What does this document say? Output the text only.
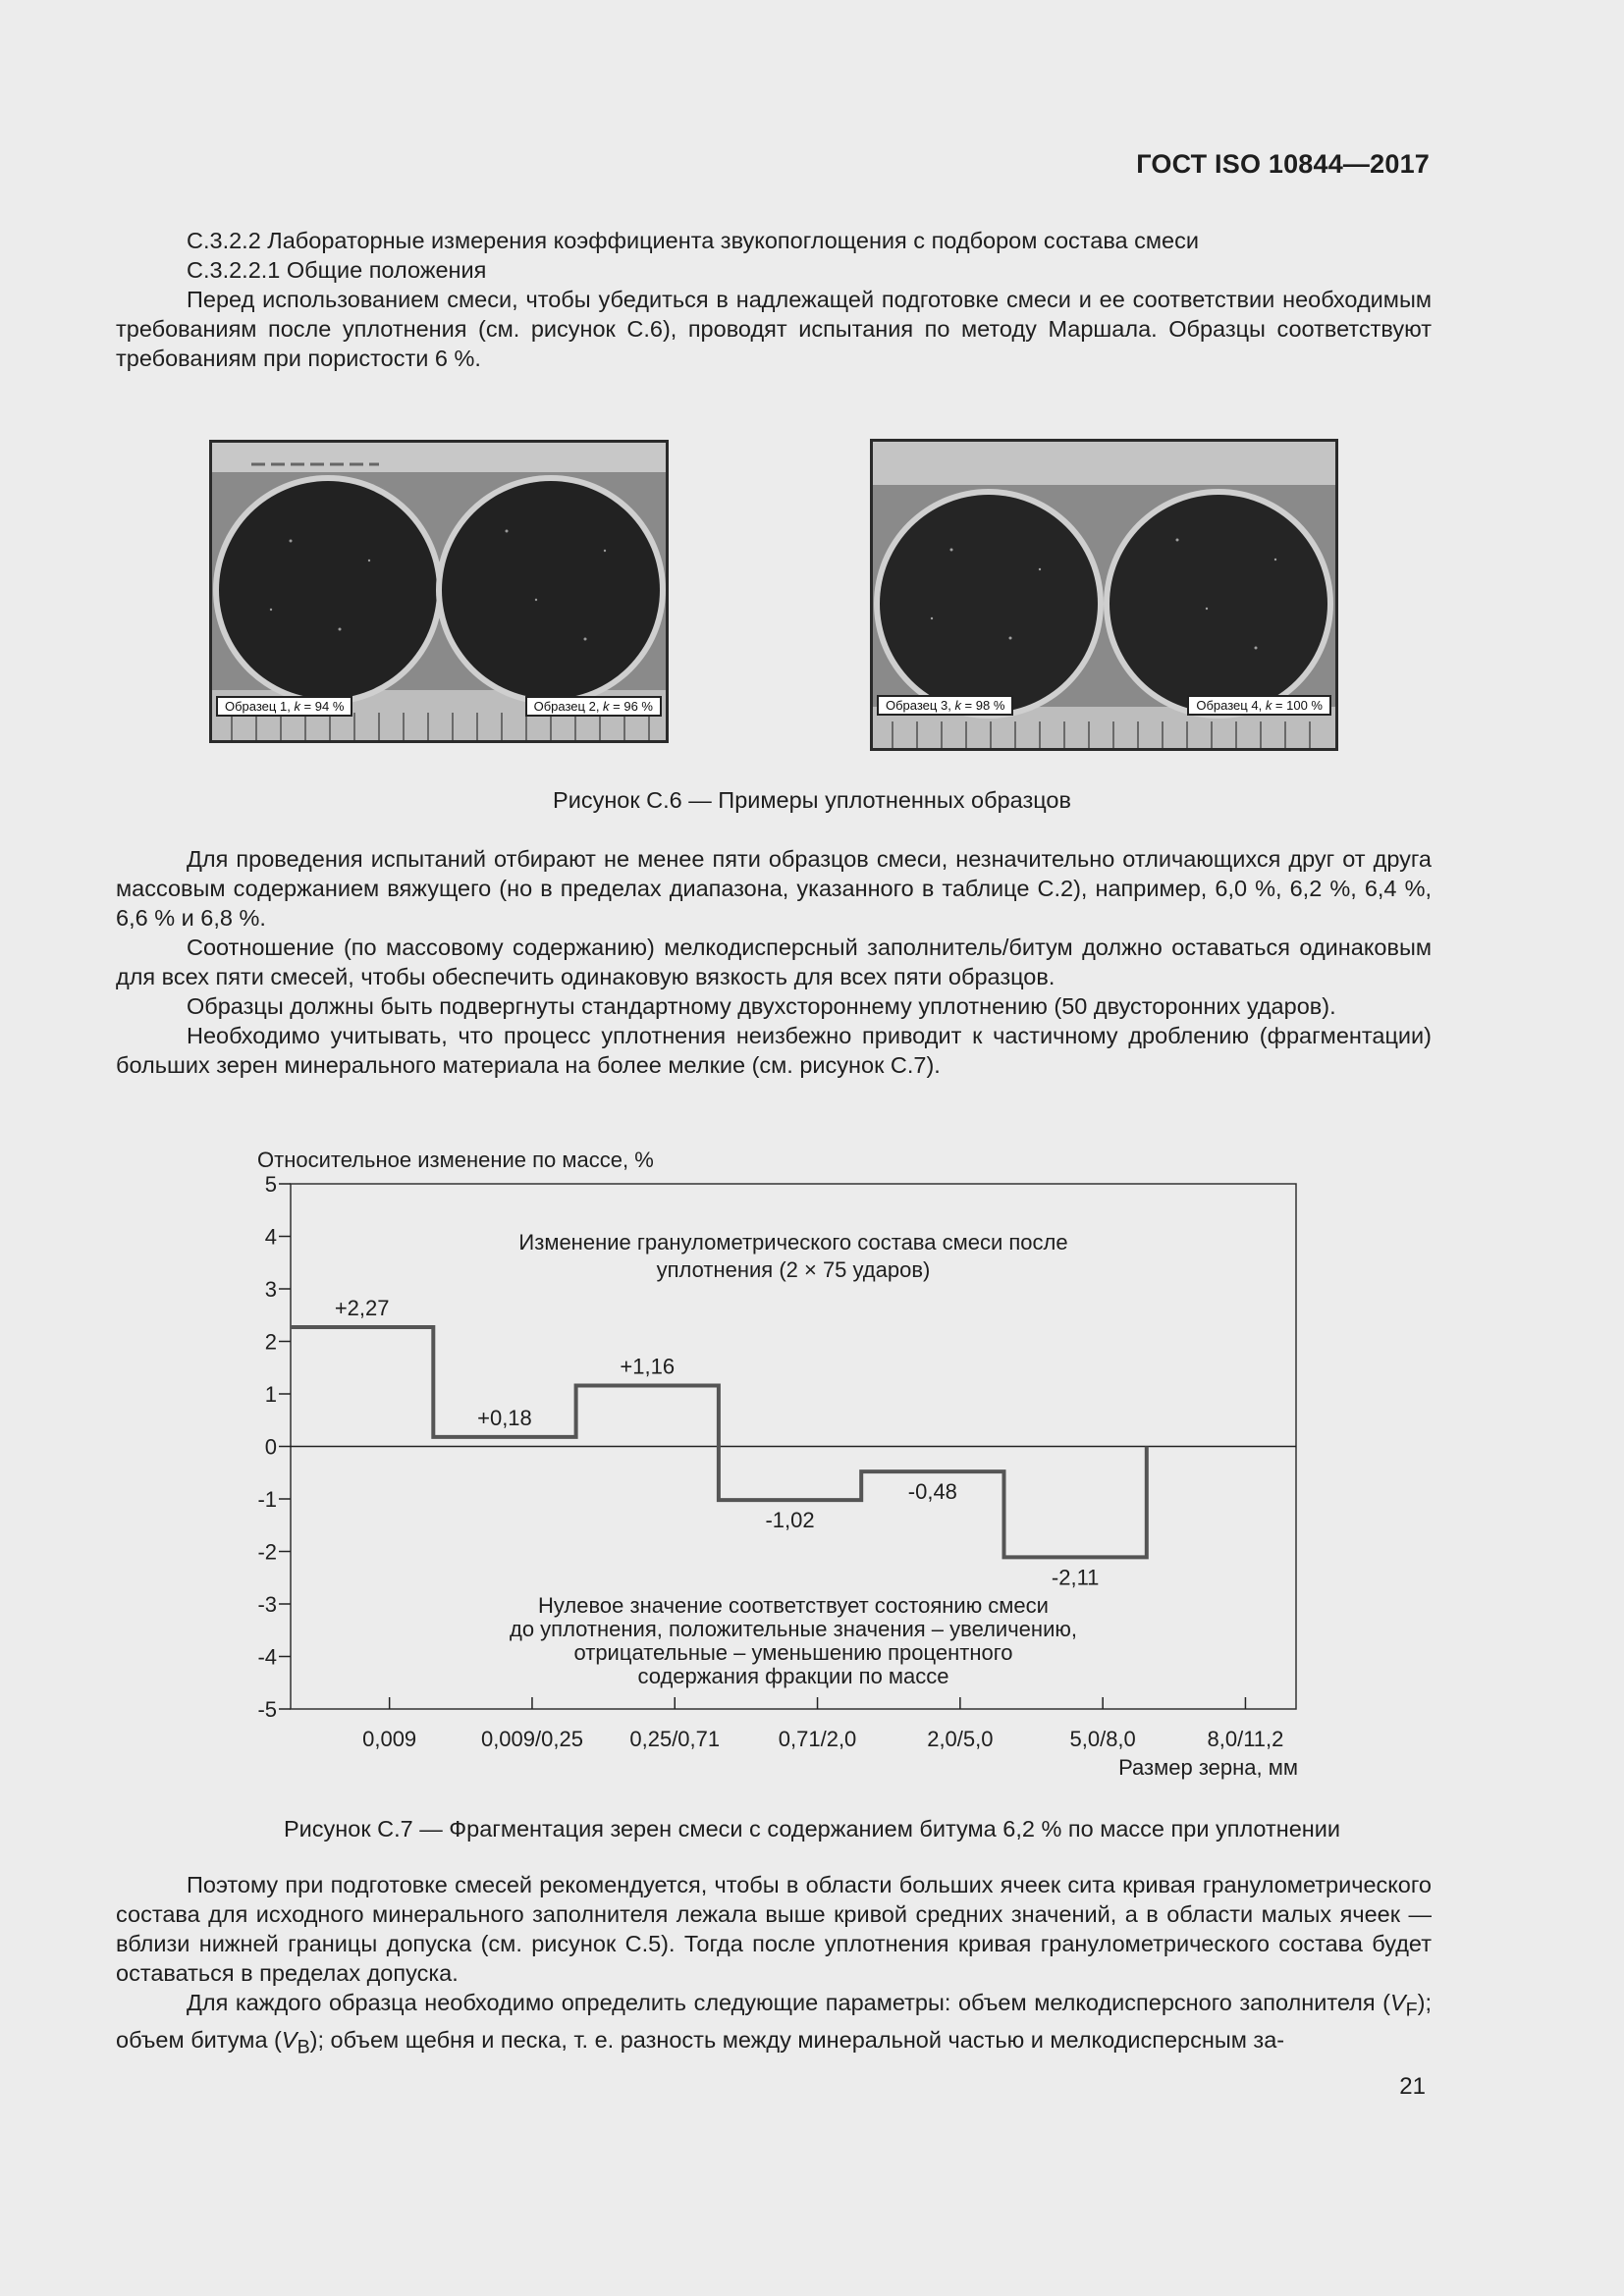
ГОСТ ISO 10844—2017

C.3.2.2 Лабораторные измерения коэффициента звукопоглощения с подбором состава смеси

C.3.2.2.1 Общие положения

Перед использованием смеси, чтобы убедиться в надлежащей подготовке смеси и ее соответствии необходимым требованиям после уплотнения (см. рисунок C.6), проводят испытания по методу Маршала. Образцы соответствуют требованиям при пористости 6 %.

Образец 1, k = 94 %	Образец 2, k = 96 %	Образец 3, k = 98 %	Образец 4, k = 100 %
Рисунок C.6 — Примеры уплотненных образцов

Для проведения испытаний отбирают не менее пяти образцов смеси, незначительно отличающихся друг от друга массовым содержанием вяжущего (но в пределах диапазона, указанного в таблице C.2), например, 6,0 %, 6,2 %, 6,4 %, 6,6 % и 6,8 %.

Соотношение (по массовому содержанию) мелкодисперсный заполнитель/битум должно оставаться одинаковым для всех пяти смесей, чтобы обеспечить одинаковую вязкость для всех пяти образцов.

Образцы должны быть подвергнуты стандартному двухстороннему уплотнению (50 двусторонних ударов).

Необходимо учитывать, что процесс уплотнения неизбежно приводит к частичному дроблению (фрагментации) больших зерен минерального материала на более мелкие (см. рисунок C.7).

Относительное изменение по массе, %
5
4
3
2
1
0
-1
-2
-3
-4
-5
0,009	0,009/0,25 0,25/0,71	0,71/2,0	2,0/5,0	5,0/8,0	8,0/11,2
+2,27
+0,18
+1,16
-1,02
-0,48
-2,11
Изменение гранулометрического состава смеси после
уплотнения (2 × 75 ударов)
Нулевое значение соответствует состоянию смеси
до уплотнения, положительные значения – увеличению,
отрицательные – уменьшению процентного
содержания фракции по массе
Размер зерна, мм
Рисунок C.7 — Фрагментация зерен смеси с содержанием битума 6,2 % по массе при уплотнении

Поэтому при подготовке смесей рекомендуется, чтобы в области больших ячеек сита кривая гранулометрического состава для исходного минерального заполнителя лежала выше кривой средних значений, а в области малых ячеек — вблизи нижней границы допуска (см. рисунок C.5). Тогда после уплотнения кривая гранулометрического состава будет оставаться в пределах допуска.

Для каждого образца необходимо определить следующие параметры: объем мелкодисперсного заполнителя $(V_F)$; объем битума $(V_B)$; объем щебня и песка, т. е. разность между минеральной частью и мелкодисперсным за-

21
